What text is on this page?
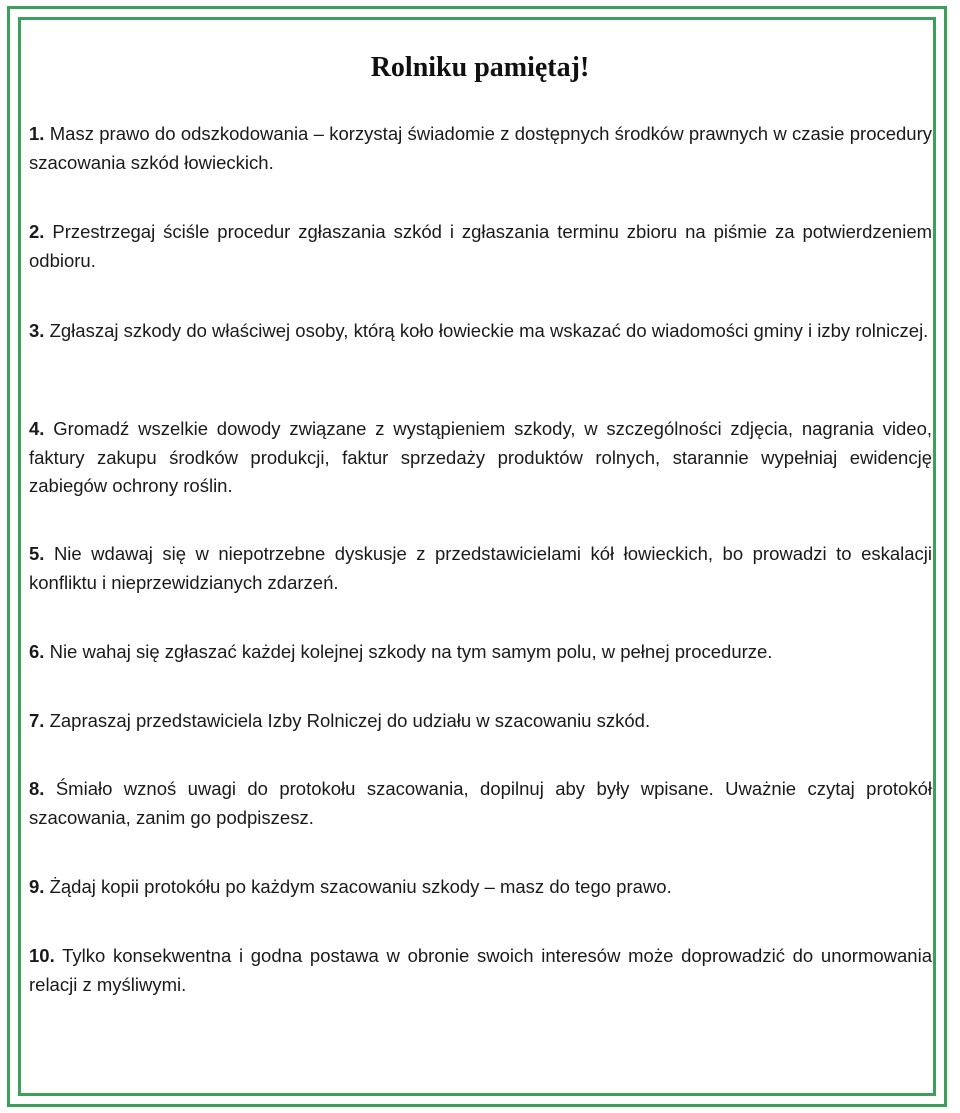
Rolniku pamiętaj!
1. Masz prawo do odszkodowania – korzystaj świadomie z dostępnych środków prawnych w czasie procedury szacowania szkód łowieckich.
2. Przestrzegaj ściśle procedur zgłaszania szkód i zgłaszania terminu zbioru na piśmie za potwierdzeniem odbioru.
3. Zgłaszaj szkody do właściwej osoby, którą koło łowieckie ma wskazać do wiadomości gminy i izby rolniczej.
4. Gromadź wszelkie dowody związane z wystąpieniem szkody, w szczególności zdjęcia, nagrania video, faktury zakupu środków produkcji, faktur sprzedaży produktów rolnych, starannie wypełniaj ewidencję zabiegów ochrony roślin.
5. Nie wdawaj się w niepotrzebne dyskusje z przedstawicielami kół łowieckich, bo prowadzi to eskalacji konfliktu i nieprzewidzianych zdarzeń.
6. Nie wahaj się zgłaszać każdej kolejnej szkody na tym samym polu, w pełnej procedurze.
7. Zapraszaj przedstawiciela Izby Rolniczej do udziału w szacowaniu szkód.
8. Śmiało wznoś uwagi do protokołu szacowania, dopilnuj aby były wpisane. Uważnie czytaj protokół szacowania, zanim go podpiszesz.
9. Żądaj kopii protokółu po każdym szacowaniu szkody – masz do tego prawo.
10. Tylko konsekwentna i godna postawa w obronie swoich interesów może doprowadzić do unormowania relacji z myśliwymi.
